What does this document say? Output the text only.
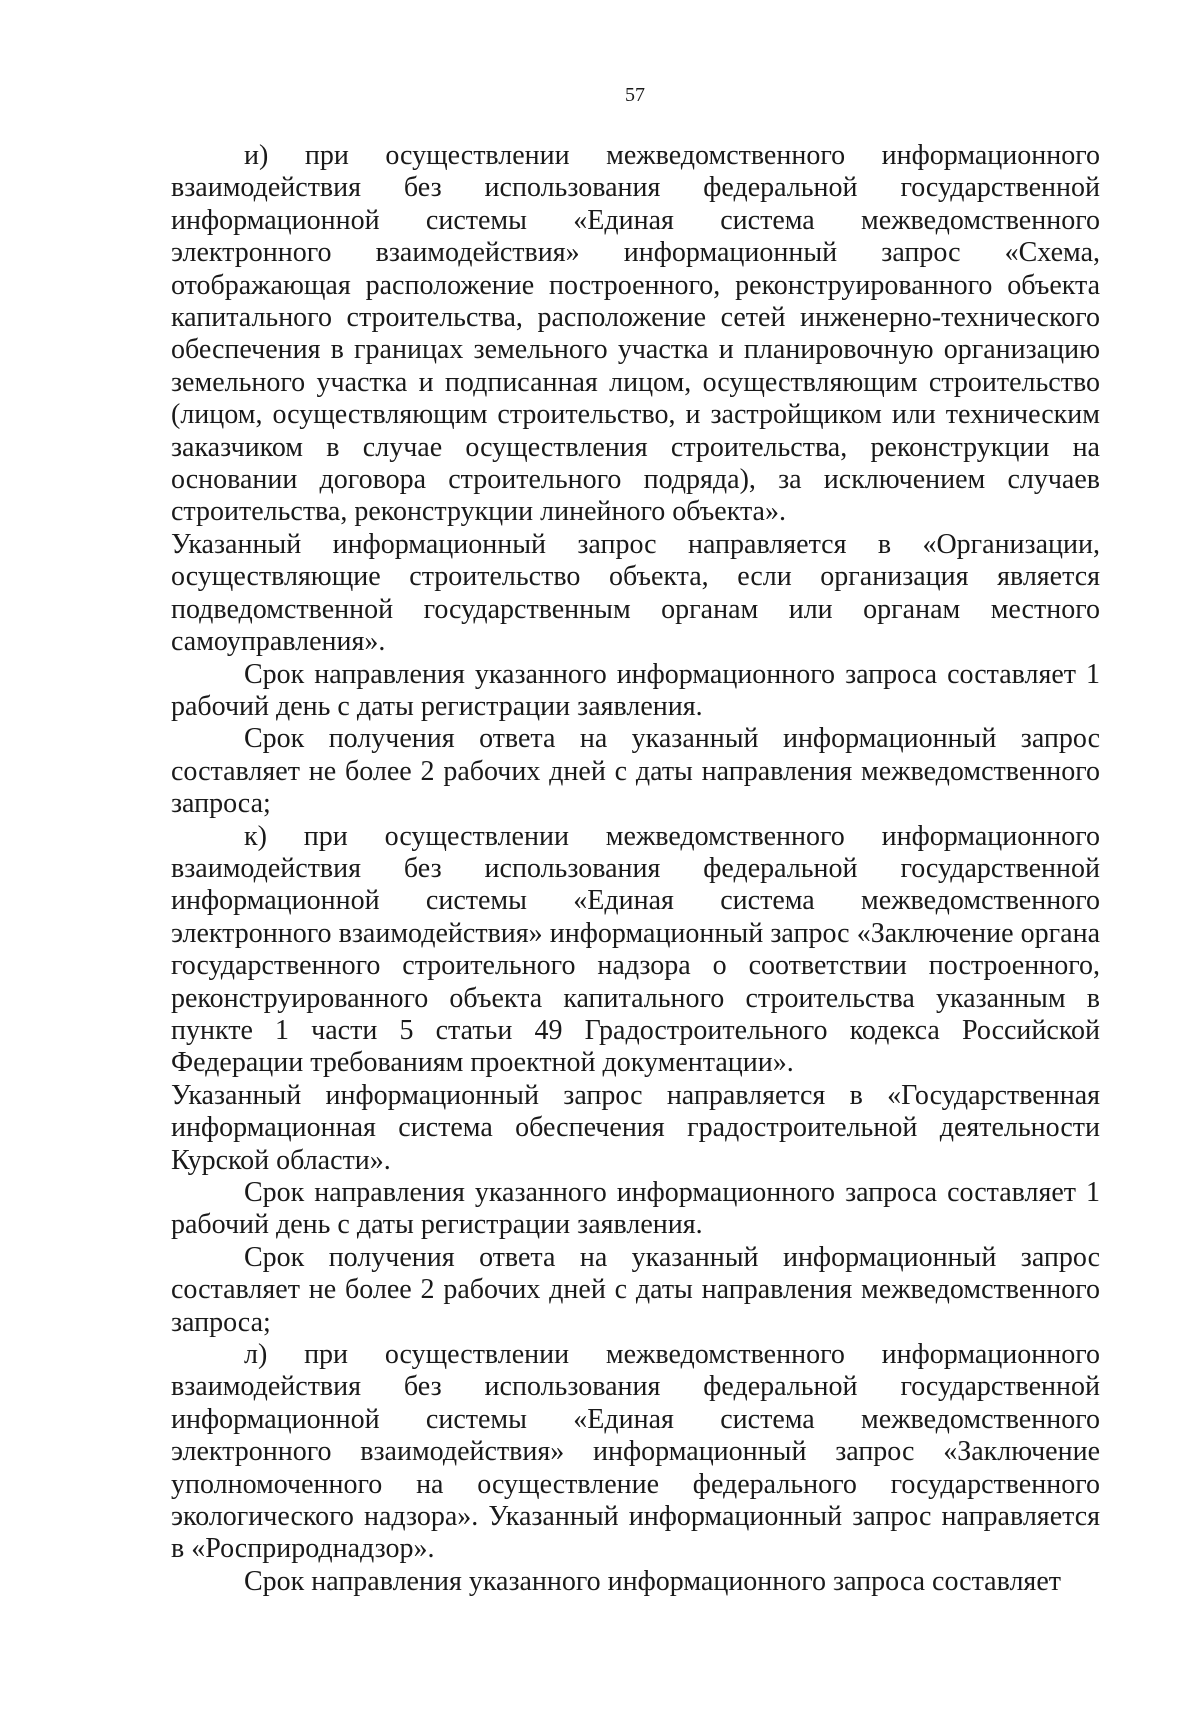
57

и) при осуществлении межведомственного информационного взаимодействия без использования федеральной государственной информационной системы «Единая система межведомственного электронного взаимодействия» информационный запрос «Схема, отображающая расположение построенного, реконструированного объекта капитального строительства, расположение сетей инженерно-технического обеспечения в границах земельного участка и планировочную организацию земельного участка и подписанная лицом, осуществляющим строительство (лицом, осуществляющим строительство, и застройщиком или техническим заказчиком в случае осуществления строительства, реконструкции на основании договора строительного подряда), за исключением случаев строительства, реконструкции линейного объекта».

Указанный информационный запрос направляется в «Организации, осуществляющие строительство объекта, если организация является подведомственной государственным органам или органам местного самоуправления».

Срок направления указанного информационного запроса составляет 1 рабочий день с даты регистрации заявления.

Срок получения ответа на указанный информационный запрос составляет не более 2 рабочих дней с даты направления межведомственного запроса;

к) при осуществлении межведомственного информационного взаимодействия без использования федеральной государственной информационной системы «Единая система межведомственного электронного взаимодействия» информационный запрос «Заключение органа государственного строительного надзора о соответствии построенного, реконструированного объекта капитального строительства указанным в пункте 1 части 5 статьи 49 Градостроительного кодекса Российской Федерации требованиям проектной документации».

Указанный информационный запрос направляется в «Государственная информационная система обеспечения градостроительной деятельности Курской области».

Срок направления указанного информационного запроса составляет 1 рабочий день с даты регистрации заявления.

Срок получения ответа на указанный информационный запрос составляет не более 2 рабочих дней с даты направления межведомственного запроса;

л) при осуществлении межведомственного информационного взаимодействия без использования федеральной государственной информационной системы «Единая система межведомственного электронного взаимодействия» информационный запрос «Заключение уполномоченного на осуществление федерального государственного экологического надзора». Указанный информационный запрос направляется в «Росприроднадзор».

Срок направления указанного информационного запроса составляет
